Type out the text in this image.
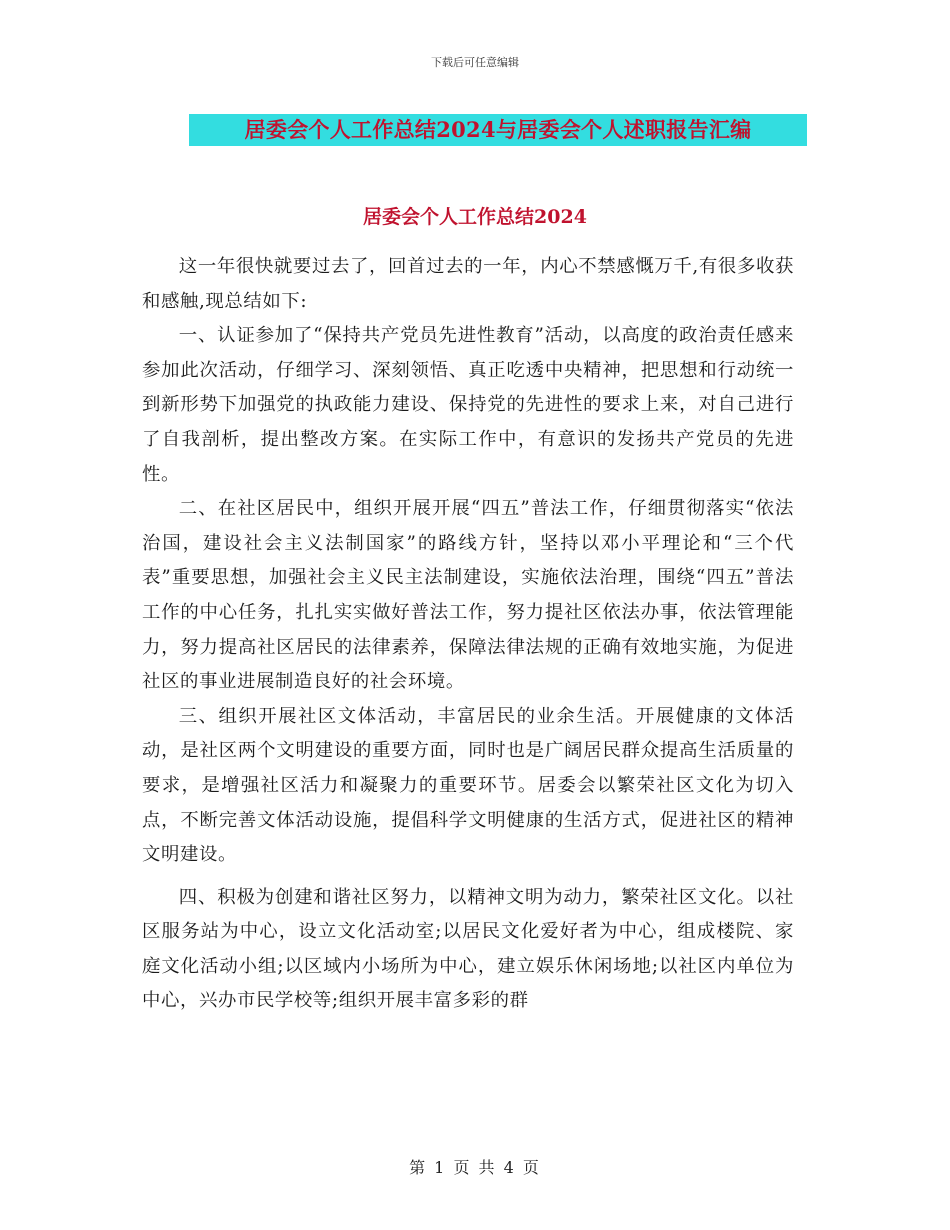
下载后可任意编辑
居委会个人工作总结2024与居委会个人述职报告汇编
居委会个人工作总结2024

这一年很快就要过去了，回首过去的一年，内心不禁感慨万千,有很多收获和感触,现总结如下:

一、认证参加了“保持共产党员先进性教育”活动，以高度的政治责任感来参加此次活动，仔细学习、深刻领悟、真正吃透中央精神，把思想和行动统一到新形势下加强党的执政能力建设、保持党的先进性的要求上来，对自己进行了自我剖析，提出整改方案。在实际工作中，有意识的发扬共产党员的先进性。

二、在社区居民中，组织开展开展“四五”普法工作，仔细贯彻落实“依法治国，建设社会主义法制国家”的路线方针，坚持以邓小平理论和“三个代表”重要思想，加强社会主义民主法制建设，实施依法治理，围绕“四五”普法工作的中心任务，扎扎实实做好普法工作，努力提社区依法办事，依法管理能力，努力提高社区居民的法律素养，保障法律法规的正确有效地实施，为促进社区的事业进展制造良好的社会环境。

三、组织开展社区文体活动，丰富居民的业余生活。开展健康的文体活动，是社区两个文明建设的重要方面，同时也是广阔居民群众提高生活质量的要求，是增强社区活力和凝聚力的重要环节。居委会以繁荣社区文化为切入点，不断完善文体活动设施，提倡科学文明健康的生活方式，促进社区的精神文明建设。

四、积极为创建和谐社区努力，以精神文明为动力，繁荣社区文化。以社区服务站为中心，设立文化活动室;以居民文化爱好者为中心，组成楼院、家庭文化活动小组;以区域内小场所为中心，建立娱乐休闲场地;以社区内单位为中心，兴办市民学校等;组织开展丰富多彩的群

第 1 页 共 4 页
